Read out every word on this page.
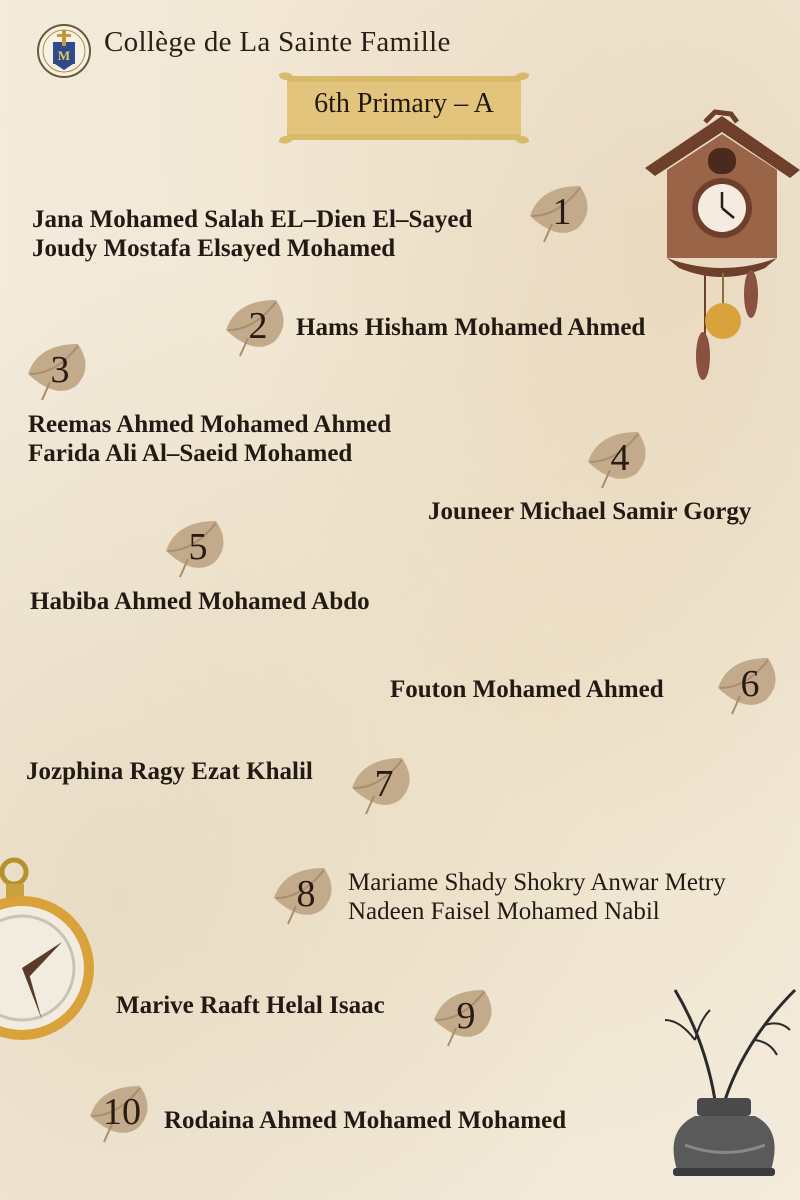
M Collège de La Sainte Famille
6th Primary – A
1
Jana Mohamed Salah EL–Dien El–Sayed
Joudy Mostafa Elsayed Mohamed
2	Hams Hisham Mohamed Ahmed
3
Reemas Ahmed Mohamed Ahmed
Farida Ali Al–Saeid Mohamed	4
Jouneer Michael Samir Gorgy
5
Habiba Ahmed Mohamed Abdo
6
Fouton Mohamed Ahmed
7
Jozphina Ragy Ezat Khalil
8	Mariame Shady Shokry Anwar Metry
Nadeen Faisel Mohamed Nabil
9
Marive Raaft Helal Isaac
10 Rodaina Ahmed Mohamed Mohamed
